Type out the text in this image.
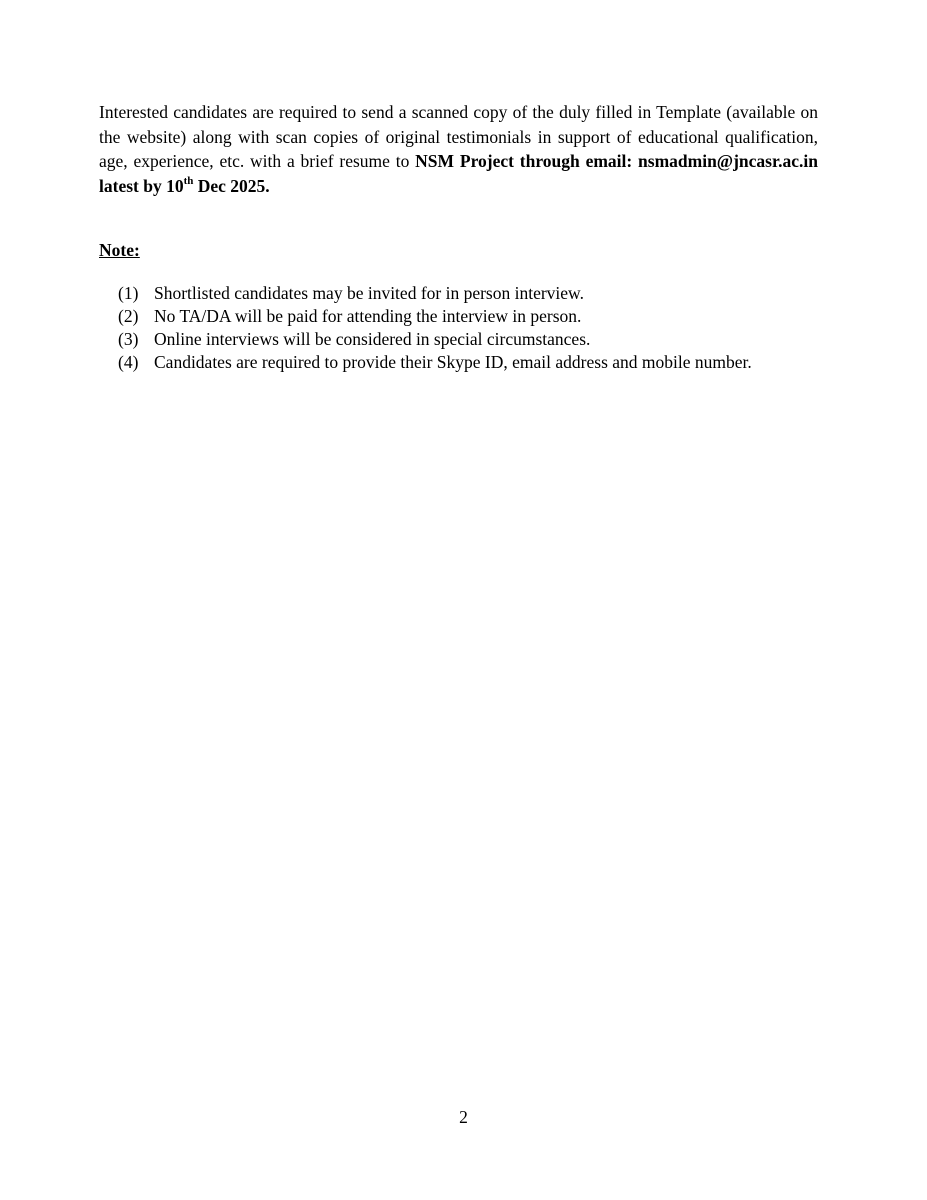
Interested candidates are required to send a scanned copy of the duly filled in Template (available on the website) along with scan copies of original testimonials in support of educational qualification, age, experience, etc. with a brief resume to NSM Project through email: nsmadmin@jncasr.ac.in latest by 10th Dec 2025.

Note:

(1) Shortlisted candidates may be invited for in person interview.
(2) No TA/DA will be paid for attending the interview in person.
(3) Online interviews will be considered in special circumstances.
(4) Candidates are required to provide their Skype ID, email address and mobile number.

2
